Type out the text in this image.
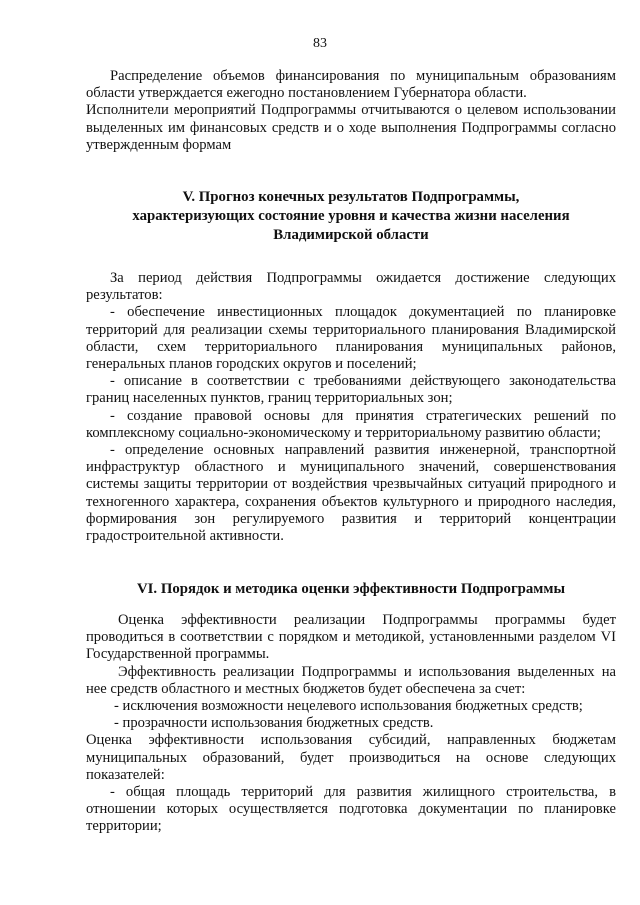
83

Распределение объемов финансирования по муниципальным образованиям области утверждается ежегодно постановлением Губернатора области.

Исполнители мероприятий Подпрограммы отчитываются о целевом использовании выделенных им финансовых средств и о ходе выполнения Подпрограммы согласно утвержденным формам

V. Прогноз конечных результатов Подпрограммы,
характеризующих состояние уровня и качества жизни населения
Владимирской области

За период действия Подпрограммы ожидается достижение следующих результатов:

- обеспечение инвестиционных площадок документацией по планировке территорий для реализации схемы территориального планирования Владимирской области, схем территориального планирования муниципальных районов, генеральных планов городских округов и поселений;

- описание в соответствии с требованиями действующего законодательства границ населенных пунктов, границ территориальных зон;

- создание правовой основы для принятия стратегических решений по комплексному социально-экономическому и территориальному развитию области;

- определение основных направлений развития инженерной, транспортной инфраструктур областного и муниципального значений, совершенствования системы защиты территории от воздействия чрезвычайных ситуаций природного и техногенного характера, сохранения объектов культурного и природного наследия, формирования зон регулируемого развития и территорий концентрации градостроительной активности.

VI. Порядок и методика оценки эффективности Подпрограммы

Оценка эффективности реализации Подпрограммы программы будет проводиться в соответствии с порядком и методикой, установленными разделом VI Государственной программы.

Эффективность реализации Подпрограммы и использования выделенных на нее средств областного и местных бюджетов будет обеспечена за счет:

- исключения возможности нецелевого использования бюджетных средств;

- прозрачности использования бюджетных средств.

Оценка эффективности использования субсидий, направленных бюджетам муниципальных образований, будет производиться на основе следующих показателей:

- общая площадь территорий для развития жилищного строительства, в отношении которых осуществляется подготовка документации по планировке территории;
